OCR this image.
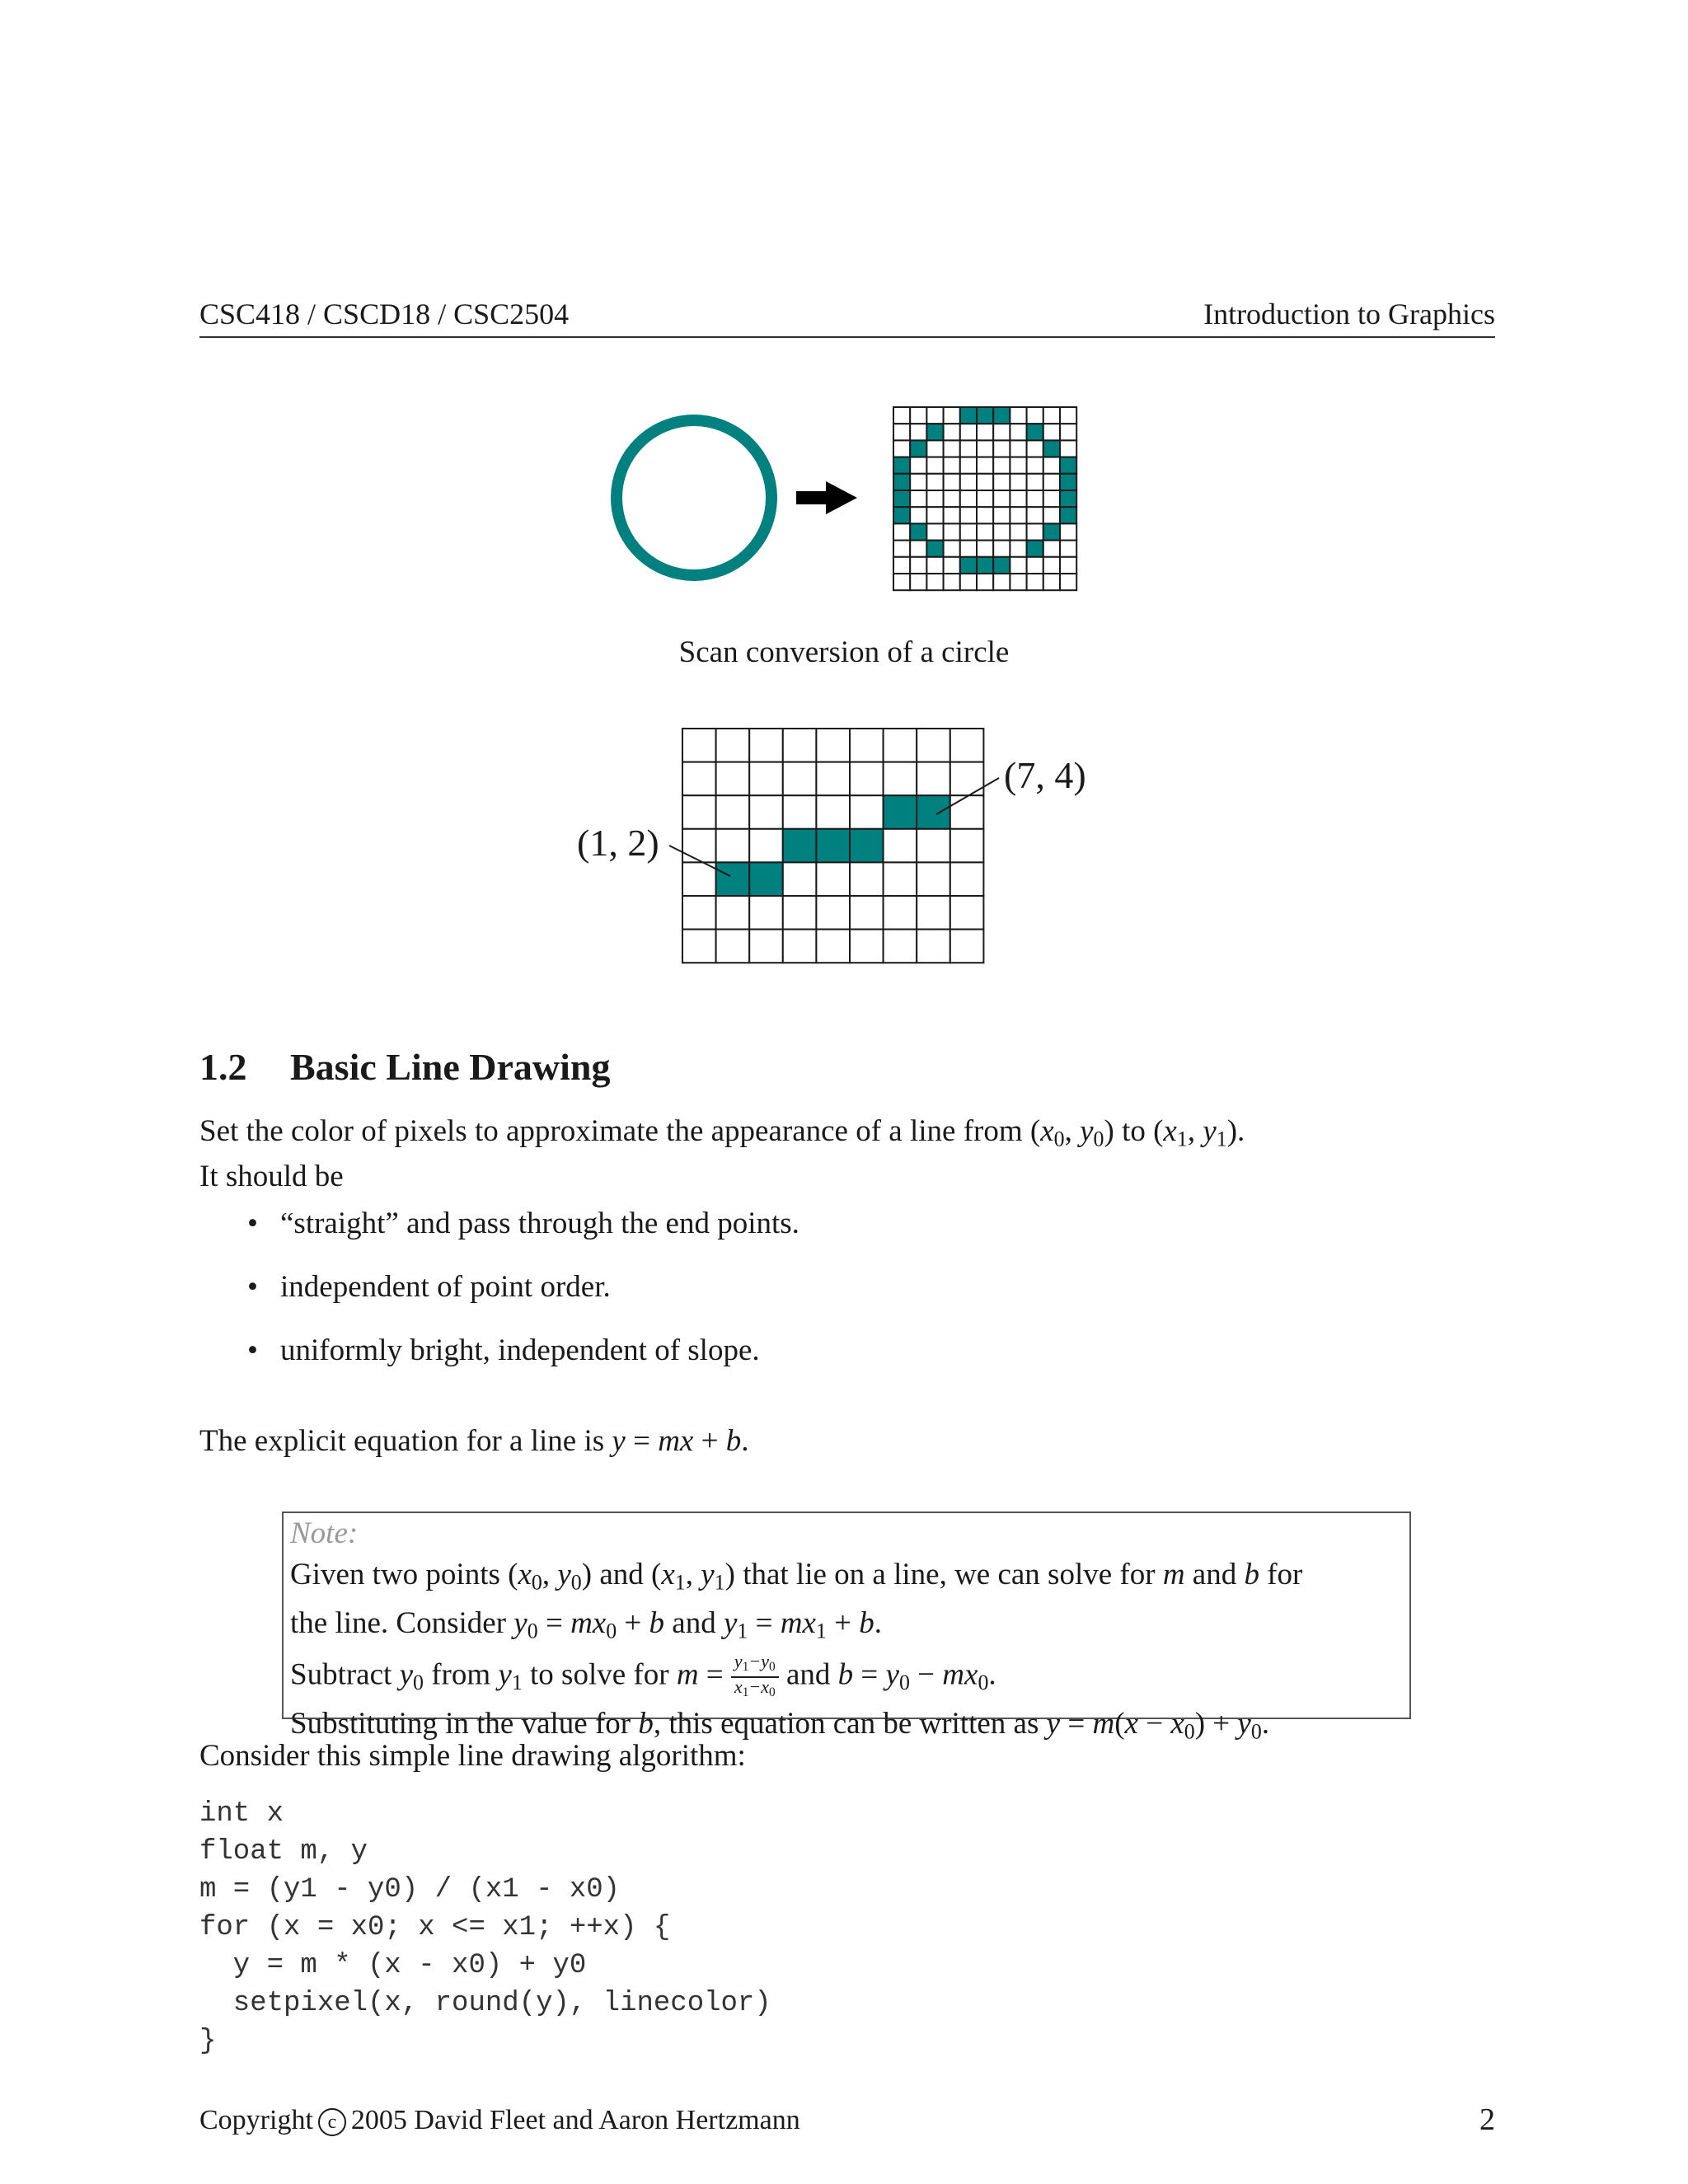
CSC418 / CSCD18 / CSC2504	Introduction to Graphics
Scan conversion of a circle
(1, 2)
(7, 4)
1.2 Basic Line Drawing
Set the color of pixels to approximate the appearance of a line from ($x_0$, $y_0$) to ($x_1$, $y_1$).
It should be
• “straight” and pass through the end points.
• independent of point order.
• uniformly bright, independent of slope.
The explicit equation for a line is y = mx + b.
Note:
Given two points ($x_0$, $y_0$) and ($x_1$, $y_1$) that lie on a line, we can solve for m and b for
the line. Consider $y_0 = mx_0 + b$ and $y_1 = mx_1 + b$.
Subtract $y_0$ from $y_1$ to solve for $m = \frac{y_1-y_0}{x_1-x_0}$ and $b = y_0 - mx_0$.
Substituting in the value for b, this equation can be written as $y = m(x - x_0) + y_0$.
Consider this simple line drawing algorithm:
int x
float m, y
m = (y1 - y0) / (x1 - x0)
for (x = x0; x <= x1; ++x) {
y = m * (x - x0) + y0
setpixel(x, round(y), linecolor)
}
Copyright c 2005 David Fleet and Aaron Hertzmann	2
